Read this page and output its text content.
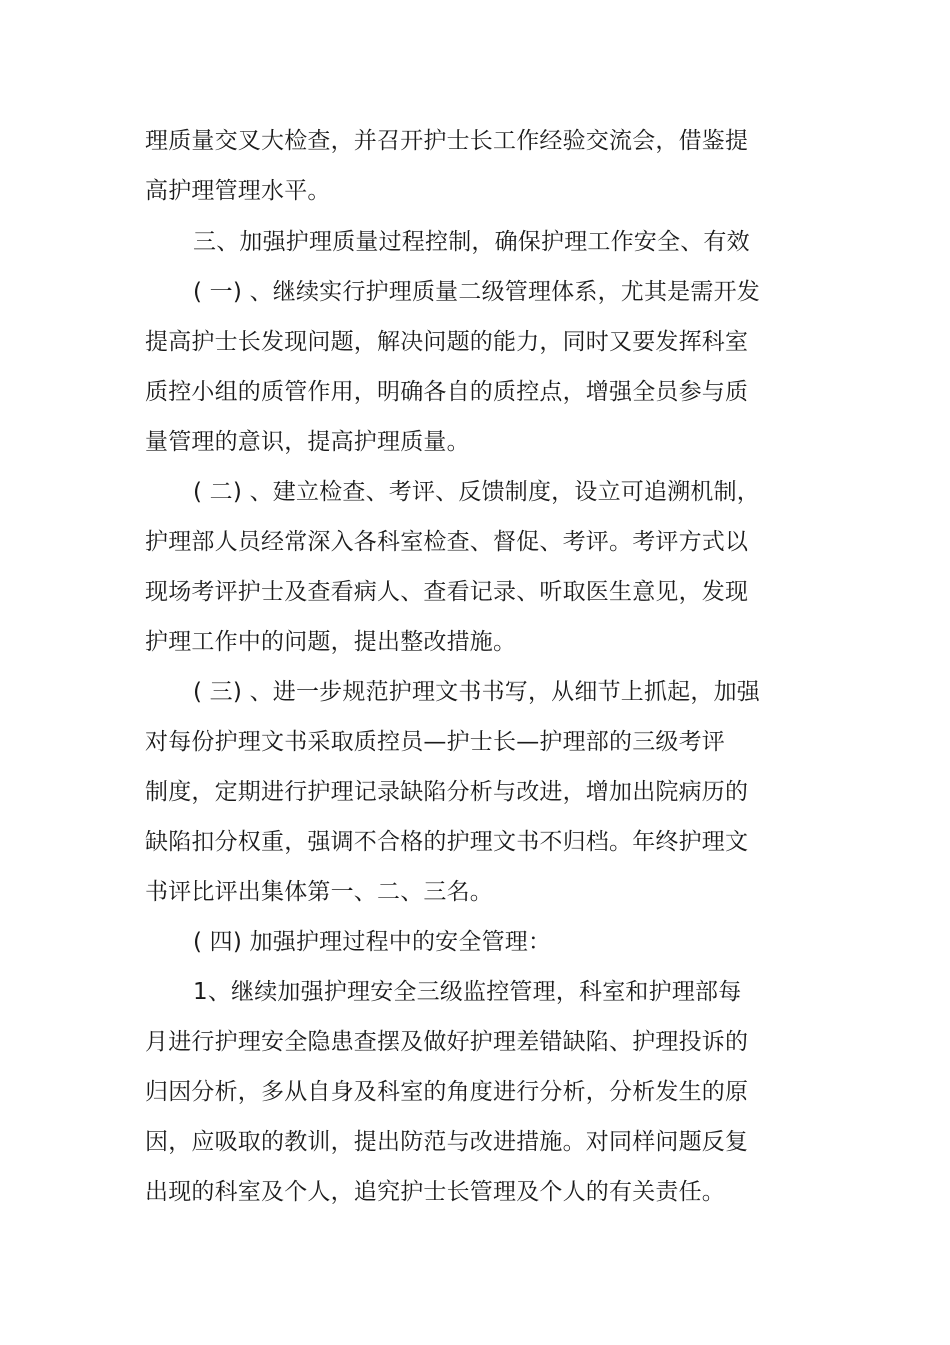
理质量交叉大检查，并召开护士长工作经验交流会，借鉴提
高护理管理水平。
三、加强护理质量过程控制，确保护理工作安全、有效
( 一) 、继续实行护理质量二级管理体系，尤其是需开发
提高护士长发现问题，解决问题的能力，同时又要发挥科室
质控小组的质管作用，明确各自的质控点，增强全员参与质
量管理的意识，提高护理质量。
( 二) 、建立检查、考评、反馈制度，设立可追溯机制，
护理部人员经常深入各科室检查、督促、考评。考评方式以
现场考评护士及查看病人、查看记录、听取医生意见，发现
护理工作中的问题，提出整改措施。
( 三) 、进一步规范护理文书书写，从细节上抓起，加强
对每份护理文书采取质控员—护士长—护理部的三级考评
制度，定期进行护理记录缺陷分析与改进，增加出院病历的
缺陷扣分权重，强调不合格的护理文书不归档。年终护理文
书评比评出集体第一、二、三名。
( 四) 加强护理过程中的安全管理：
1、继续加强护理安全三级监控管理，科室和护理部每
月进行护理安全隐患查摆及做好护理差错缺陷、护理投诉的
归因分析，多从自身及科室的角度进行分析，分析发生的原
因，应吸取的教训，提出防范与改进措施。对同样问题反复
出现的科室及个人，追究护士长管理及个人的有关责任。
